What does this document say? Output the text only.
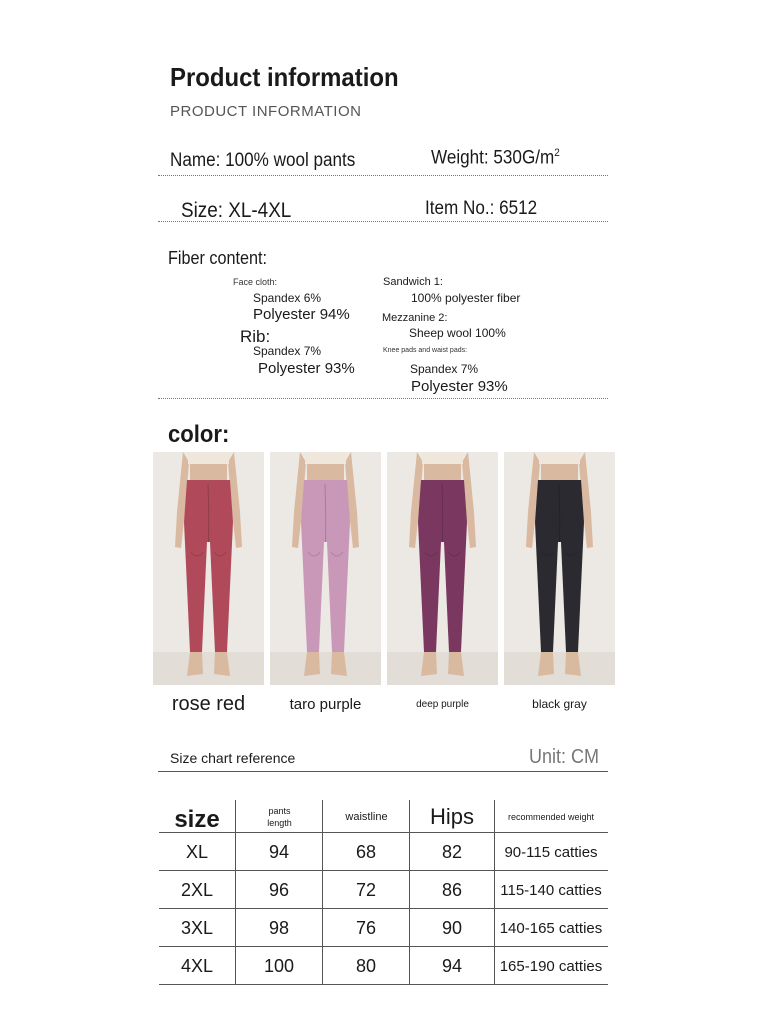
Product information
PRODUCT INFORMATION
Name: 100% wool pants	Weight: $530G/m^2$
Size: XL-4XL	Item No.: 6512
Fiber content:
Face cloth:
Spandex 6%
Polyester 94%
Rib:
Spandex 7%
Polyester 93%
Sandwich 1:
100% polyester fiber
Mezzanine 2:
Sheep wool 100%
Knee pads and waist pads:
Spandex 7%
Polyester 93%
color:
rose red	taro purple	deep purple	black gray
Size chart reference	Unit: CM
size	pants length	waistline	Hips	recommended weight
XL	94	68	82	90-115 catties
2XL	96	72	86	115-140 catties
3XL	98	76	90	140-165 catties
4XL	100	80	94	165-190 catties
